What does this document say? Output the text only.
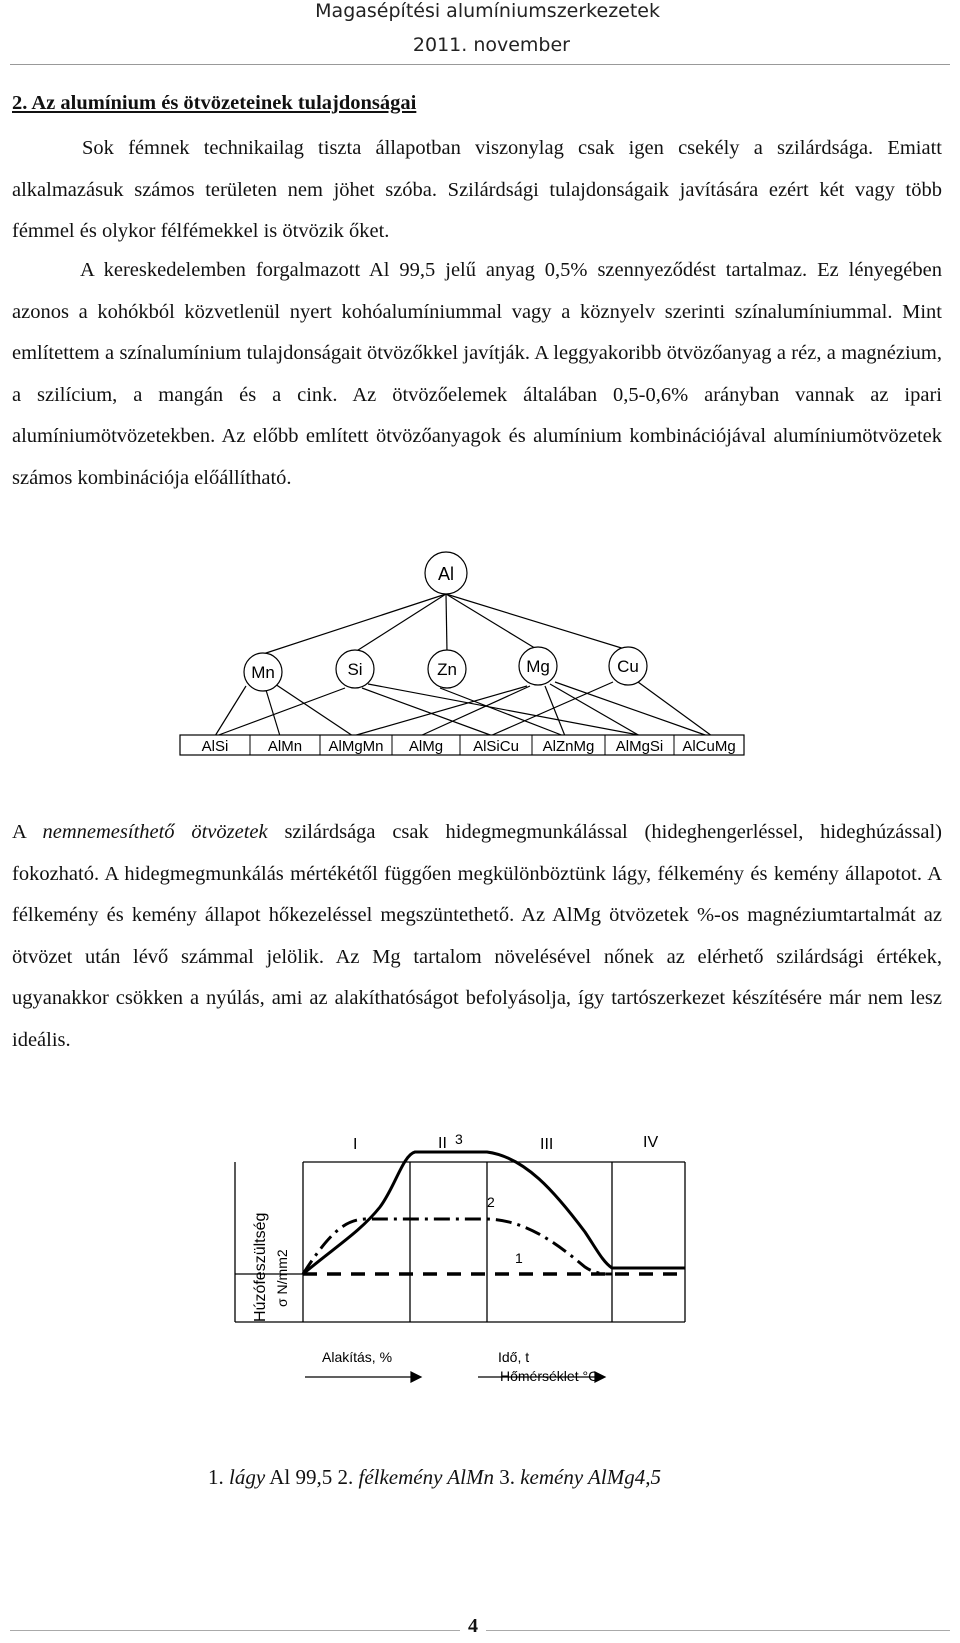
Magasépítési alumíniumszerkezetek
2011. november
2. Az alumínium és ötvözeteinek tulajdonságai
Sok fémnek technikailag tiszta állapotban viszonylag csak igen csekély a szilárdsága. Emiatt alkalmazásuk számos területen nem jöhet szóba. Szilárdsági tulajdonságaik javítására ezért két vagy több fémmel és olykor félfémekkel is ötvözik őket.
A kereskedelemben forgalmazott Al 99,5 jelű anyag 0,5% szennyeződést tartalmaz. Ez lényegében azonos a kohókból közvetlenül nyert kohóalumíniummal vagy a köznyelv szerinti színalumíniummal. Mint említettem a színalumínium tulajdonságait ötvözőkkel javítják. A leggyakoribb ötvözőanyag a réz, a magnézium, a szilícium, a mangán és a cink. Az ötvözőelemek általában 0,5-0,6% arányban vannak az ipari alumíniumötvözetekben. Az előbb említett ötvözőanyagok és alumínium kombinációjával alumíniumötvözetek számos kombinációja előállítható.
Al
Mn	Si	Zn	Mg	Cu
AlSi	AlMn AlMgMn AlMg AlSiCu AlZnMg AlMgSi AlCuMg
A nemnemesíthető ötvözetek szilárdsága csak hidegmegmunkálással (hideghengerléssel, hideghúzással) fokozható. A hidegmegmunkálás mértékétől függően megkülönböztünk lágy, félkemény és kemény állapotot. A félkemény és kemény állapot hőkezeléssel megszüntethető. Az AlMg ötvözetek %-os magnéziumtartalmát az ötvözet után lévő számmal jelölik. Az Mg tartalom növelésével nőnek az elérhető szilárdsági értékek, ugyanakkor csökken a nyúlás, ami az alakíthatóságot befolyásolja, így tartószerkezet készítésére már nem lesz ideális.
I	II	III	IV
Húzófeszültség σ N/mm2
3
2
1
Alakítás, %	Idő, t
Hőmérséklet °C
1. lágy Al 99,5 2. félkemény AlMn 3. kemény AlMg4,5
4
